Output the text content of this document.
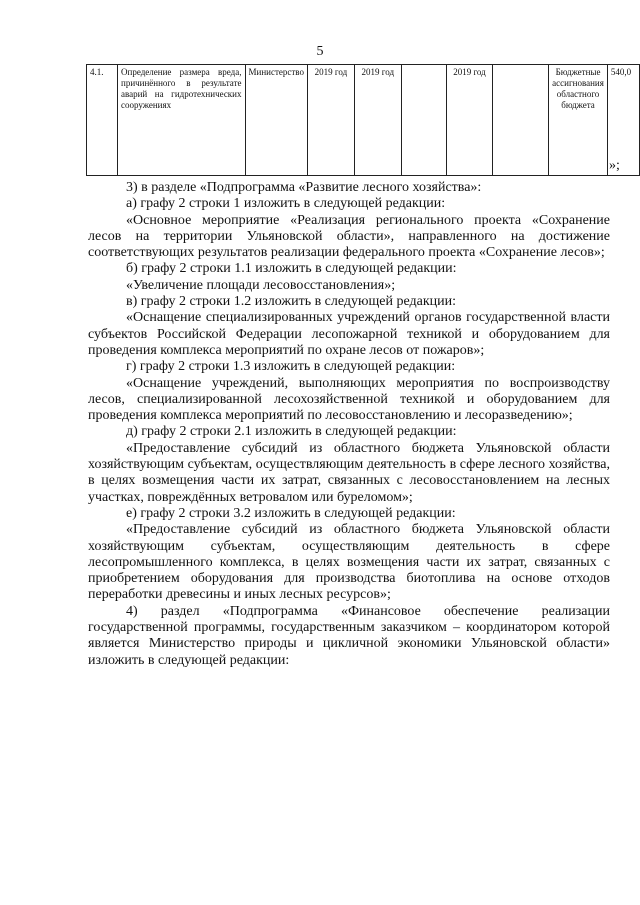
5
4.1.	Определение размера вреда, причинённого в результате аварий на гидротехнических сооружениях	Министерство	2019 год	2019 год		2019 год		Бюджетные ассигнования областного бюджета	540,0
»;

3) в разделе «Подпрограмма «Развитие лесного хозяйства»:

а) графу 2 строки 1 изложить в следующей редакции:

«Основное мероприятие «Реализация регионального проекта «Сохранение лесов на территории Ульяновской области», направленного на достижение соответствующих результатов реализации федерального проекта «Сохранение лесов»;

б) графу 2 строки 1.1 изложить в следующей редакции:

«Увеличение площади лесовосстановления»;

в) графу 2 строки 1.2 изложить в следующей редакции:

«Оснащение специализированных учреждений органов государственной власти субъектов Российской Федерации лесопожарной техникой и оборудованием для проведения комплекса мероприятий по охране лесов от пожаров»;

г) графу 2 строки 1.3 изложить в следующей редакции:

«Оснащение учреждений, выполняющих мероприятия по воспроизводству лесов, специализированной лесохозяйственной техникой и оборудованием для проведения комплекса мероприятий по лесовосстановлению и лесоразведению»;

д) графу 2 строки 2.1 изложить в следующей редакции:

«Предоставление субсидий из областного бюджета Ульяновской области хозяйствующим субъектам, осуществляющим деятельность в сфере лесного хозяйства, в целях возмещения части их затрат, связанных с лесовосстановлением на лесных участках, повреждённых ветровалом или буреломом»;

е) графу 2 строки 3.2 изложить в следующей редакции:

«Предоставление субсидий из областного бюджета Ульяновской области хозяйствующим субъектам, осуществляющим деятельность в сфере лесопромышленного комплекса, в целях возмещения части их затрат, связанных с приобретением оборудования для производства биотоплива на основе отходов переработки древесины и иных лесных ресурсов»;

4) раздел «Подпрограмма «Финансовое обеспечение реализации государственной программы, государственным заказчиком – координатором которой является Министерство природы и цикличной экономики Ульяновской области» изложить в следующей редакции:
